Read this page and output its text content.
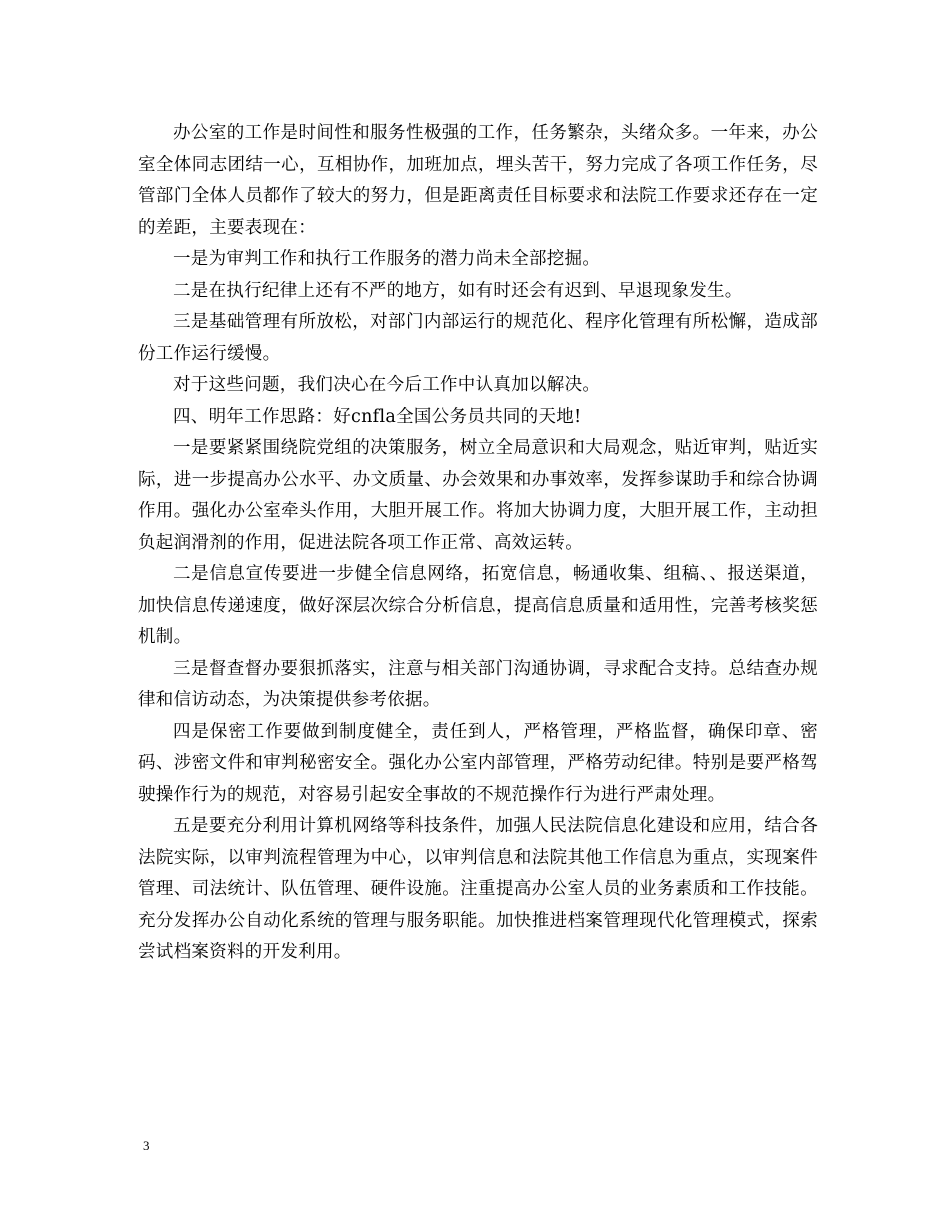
办公室的工作是时间性和服务性极强的工作，任务繁杂，头绪众多。一年来，办公室全体同志团结一心，互相协作，加班加点，埋头苦干，努力完成了各项工作任务，尽管部门全体人员都作了较大的努力，但是距离责任目标要求和法院工作要求还存在一定的差距，主要表现在：

一是为审判工作和执行工作服务的潜力尚未全部挖掘。

二是在执行纪律上还有不严的地方，如有时还会有迟到、早退现象发生。

三是基础管理有所放松，对部门内部运行的规范化、程序化管理有所松懈，造成部份工作运行缓慢。

对于这些问题，我们决心在今后工作中认真加以解决。

四、明年工作思路：好cnfla全国公务员共同的天地!

一是要紧紧围绕院党组的决策服务，树立全局意识和大局观念，贴近审判，贴近实际，进一步提高办公水平、办文质量、办会效果和办事效率，发挥参谋助手和综合协调作用。强化办公室牵头作用，大胆开展工作。将加大协调力度，大胆开展工作，主动担负起润滑剂的作用，促进法院各项工作正常、高效运转。

二是信息宣传要进一步健全信息网络，拓宽信息，畅通收集、组稿、、报送渠道，加快信息传递速度，做好深层次综合分析信息，提高信息质量和适用性，完善考核奖惩机制。

三是督查督办要狠抓落实，注意与相关部门沟通协调，寻求配合支持。总结查办规律和信访动态，为决策提供参考依据。

四是保密工作要做到制度健全，责任到人，严格管理，严格监督，确保印章、密码、涉密文件和审判秘密安全。强化办公室内部管理，严格劳动纪律。特别是要严格驾驶操作行为的规范，对容易引起安全事故的不规范操作行为进行严肃处理。

五是要充分利用计算机网络等科技条件，加强人民法院信息化建设和应用，结合各法院实际，以审判流程管理为中心，以审判信息和法院其他工作信息为重点，实现案件管理、司法统计、队伍管理、硬件设施。注重提高办公室人员的业务素质和工作技能。充分发挥办公自动化系统的管理与服务职能。加快推进档案管理现代化管理模式，探索尝试档案资料的开发利用。

3
